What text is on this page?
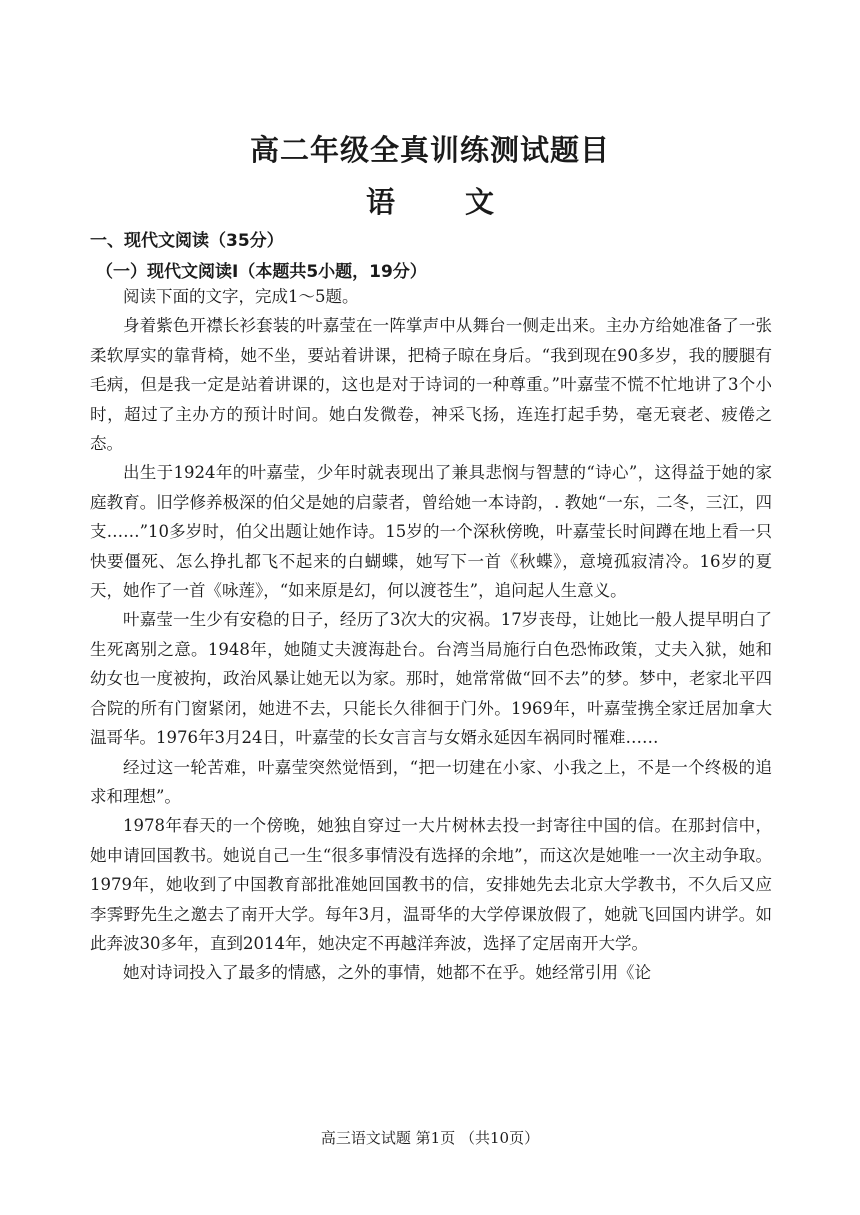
高二年级全真训练测试题目
语 文
一、现代文阅读（35分）
（一）现代文阅读Ⅰ（本题共5小题，19分）

阅读下面的文字，完成1～5题。

身着紫色开襟长衫套装的叶嘉莹在一阵掌声中从舞台一侧走出来。主办方给她准备了一张柔软厚实的靠背椅，她不坐，要站着讲课，把椅子晾在身后。“我到现在90多岁，我的腰腿有毛病，但是我一定是站着讲课的，这也是对于诗词的一种尊重。”叶嘉莹不慌不忙地讲了3个小时，超过了主办方的预计时间。她白发微卷，神采飞扬，连连打起手势，毫无衰老、疲倦之态。

出生于1924年的叶嘉莹，少年时就表现出了兼具悲悯与智慧的“诗心”，这得益于她的家庭教育。旧学修养极深的伯父是她的启蒙者，曾给她一本诗韵，. 教她“一东，二冬，三江，四支……”10多岁时，伯父出题让她作诗。15岁的一个深秋傍晚，叶嘉莹长时间蹲在地上看一只快要僵死、怎么挣扎都飞不起来的白蝴蝶，她写下一首《秋蝶》，意境孤寂清冷。16岁的夏天，她作了一首《咏莲》，“如来原是幻，何以渡苍生”，追问起人生意义。

叶嘉莹一生少有安稳的日子，经历了3次大的灾祸。17岁丧母，让她比一般人提早明白了生死离别之意。1948年，她随丈夫渡海赴台。台湾当局施行白色恐怖政策，丈夫入狱，她和幼女也一度被拘，政治风暴让她无以为家。那时，她常常做“回不去”的梦。梦中，老家北平四合院的所有门窗紧闭，她进不去，只能长久徘徊于门外。1969年，叶嘉莹携全家迁居加拿大温哥华。1976年3月24日，叶嘉莹的长女言言与女婿永延因车祸同时罹难……

经过这一轮苦难，叶嘉莹突然觉悟到，“把一切建在小家、小我之上，不是一个终极的追求和理想”。

1978年春天的一个傍晚，她独自穿过一大片树林去投一封寄往中国的信。在那封信中，她申请回国教书。她说自己一生“很多事情没有选择的余地”，而这次是她唯一一次主动争取。1979年，她收到了中国教育部批准她回国教书的信，安排她先去北京大学教书，不久后又应李霁野先生之邀去了南开大学。每年3月，温哥华的大学停课放假了，她就飞回国内讲学。如此奔波30多年，直到2014年，她决定不再越洋奔波，选择了定居南开大学。

她对诗词投入了最多的情感，之外的事情，她都不在乎。她经常引用《论

高三语文试题 第1页 （共10页）
